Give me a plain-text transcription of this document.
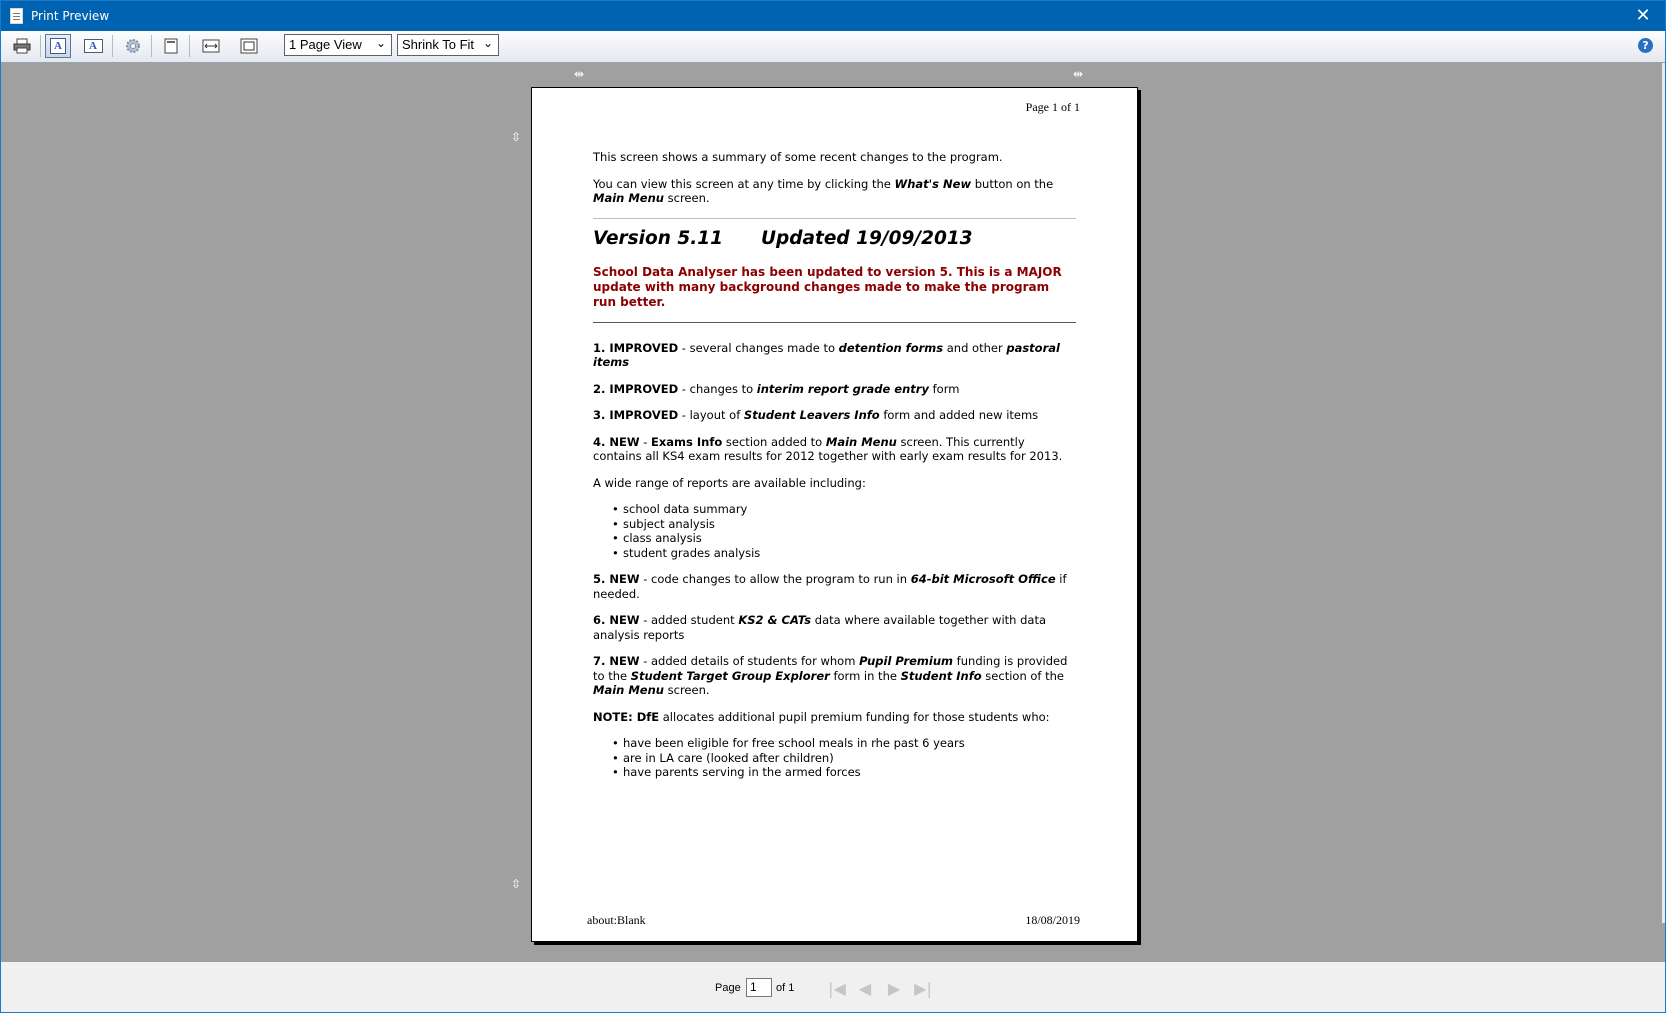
Print Preview	✕
A	A	1 Page View ⌄	Shrink To Fit ⌄	?
⇹	⇹
⇳
⇳
Page 1 of 1

This screen shows a summary of some recent changes to the program.

You can view this screen at any time by clicking the What's New button on the Main Menu screen.

Version 5.11 Updated 19/09/2013

School Data Analyser has been updated to version 5. This is a MAJOR update with many background changes made to make the program run better.

1. IMPROVED - several changes made to detention forms and other pastoral items

2. IMPROVED - changes to interim report grade entry form

3. IMPROVED - layout of Student Leavers Info form and added new items

4. NEW - Exams Info section added to Main Menu screen. This currently contains all KS4 exam results for 2012 together with early exam results for 2013.

A wide range of reports are available including:

• school data summary
• subject analysis
• class analysis
• student grades analysis

5. NEW - code changes to allow the program to run in 64-bit Microsoft Office if needed.

6. NEW - added student KS2 & CATs data where available together with data analysis reports

7. NEW - added details of students for whom Pupil Premium funding is provided to the Student Target Group Explorer form in the Student Info section of the Main Menu screen.

NOTE: DfE allocates additional pupil premium funding for those students who:

• have been eligible for free school meals in rhe past 6 years
• are in LA care (looked after children)
• have parents serving in the armed forces
about:Blank	18/08/2019
Page 1	of 1 |◀ ◀	▶ ▶|
